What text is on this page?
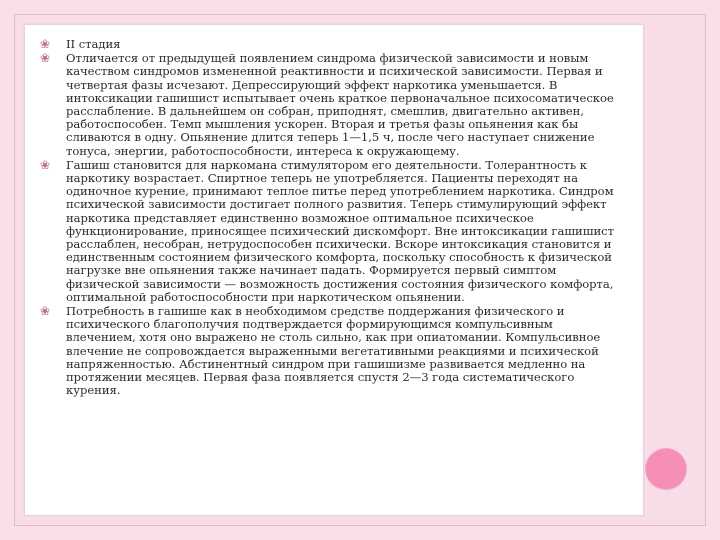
❀ II стадия
❀ Отличается от предыдущей появлением синдрома физической зависимости и новым качеством синдромов измененной реактивности и психической зависимости. Первая и четвертая фазы исчезают. Депрессирующий эффект наркотика уменьшается. В интоксикации гашишист испытывает очень краткое первоначальное психосоматическое расслабление. В дальнейшем он собран, приподнят, смешлив, двигательно активен, работоспособен. Темп мышления ускорен. Вторая и третья фазы опьянения как бы сливаются в одну. Опьянение длится теперь 1—1,5 ч, после чего наступает снижение тонуса, энергии, работоспособности, интереса к окружающему.
❀ Гашиш становится для наркомана стимулятором его деятельности. Толерантность к наркотику возрастает. Спиртное теперь не употребляется. Пациенты переходят на одиночное курение, принимают теплое питье перед употреблением наркотика. Синдром психической зависимости достигает полного развития. Теперь стимулирующий эффект наркотика представляет единственно возможное оптимальное психическое функционирование, приносящее психический дискомфорт. Вне интоксикации гашишист расслаблен, несобран, нетрудоспособен психически. Вскоре интоксикация становится и единственным состоянием физического комфорта, поскольку способность к физической нагрузке вне опьянения также начинает падать. Формируется первый симптом физической зависимости — возможность достижения состояния физического комфорта, оптимальной работоспособности при наркотическом опьянении.
❀ Потребность в гашише как в необходимом средстве поддержания физического и психического благополучия подтверждается формирующимся компульсивным влечением, хотя оно выражено не столь сильно, как при опиатомании. Компульсивное влечение не сопровождается выраженными вегетативными реакциями и психической напряженностью. Абстинентный синдром при гашишизме развивается медленно на протяжении месяцев. Первая фаза появляется спустя 2—3 года систематического курения.
